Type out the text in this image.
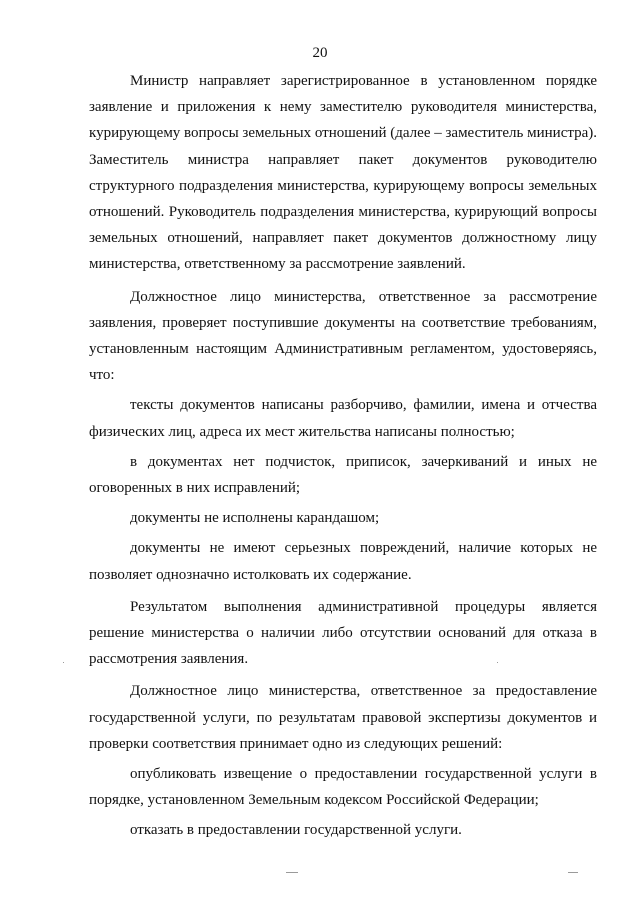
20

Министр направляет зарегистрированное в установленном порядке заявление и приложения к нему заместителю руководителя министерства, курирующему вопросы земельных отношений (далее – заместитель министра). Заместитель министра направляет пакет документов руководителю структурного подразделения министерства, курирующему вопросы земельных отношений. Руководитель подразделения министерства, курирующий вопросы земельных отношений, направляет пакет документов должностному лицу министерства, ответственному за рассмотрение заявлений.

Должностное лицо министерства, ответственное за рассмотрение заявления, проверяет поступившие документы на соответствие требованиям, установленным настоящим Административным регламентом, удостоверяясь, что:

тексты документов написаны разборчиво, фамилии, имена и отчества физических лиц, адреса их мест жительства написаны полностью;

в документах нет подчисток, приписок, зачеркиваний и иных не оговоренных в них исправлений;

документы не исполнены карандашом;

документы не имеют серьезных повреждений, наличие которых не позволяет однозначно истолковать их содержание.

Результатом выполнения административной процедуры является решение министерства о наличии либо отсутствии оснований для отказа в рассмотрения заявления.

Должностное лицо министерства, ответственное за предоставление государственной услуги, по результатам правовой экспертизы документов и проверки соответствия принимает одно из следующих решений:

опубликовать извещение о предоставлении государственной услуги в порядке, установленном Земельным кодексом Российской Федерации;

отказать в предоставлении государственной услуги.
